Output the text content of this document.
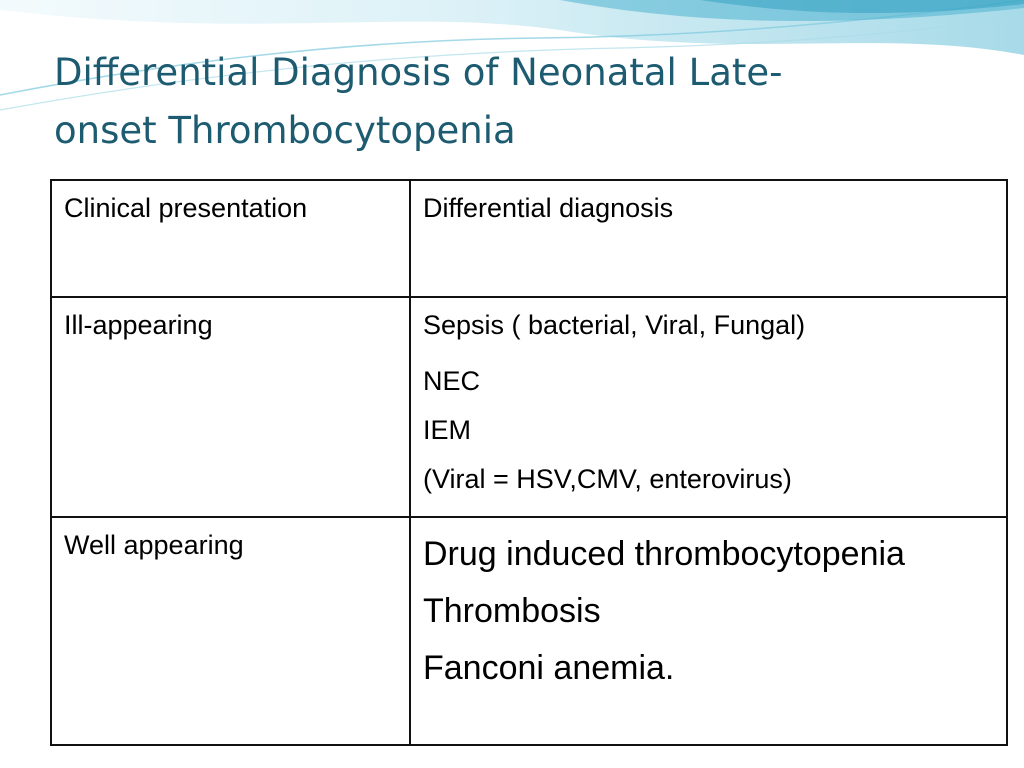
Differential Diagnosis of Neonatal Late-
onset Thrombocytopenia
Clinical presentation	Differential diagnosis
Ill-appearing	Sepsis ( bacterial, Viral, Fungal)
NEC
IEM
(Viral = HSV,CMV, enterovirus)

Well appearing	Drug induced thrombocytopenia
Thrombosis
Fanconi anemia.
